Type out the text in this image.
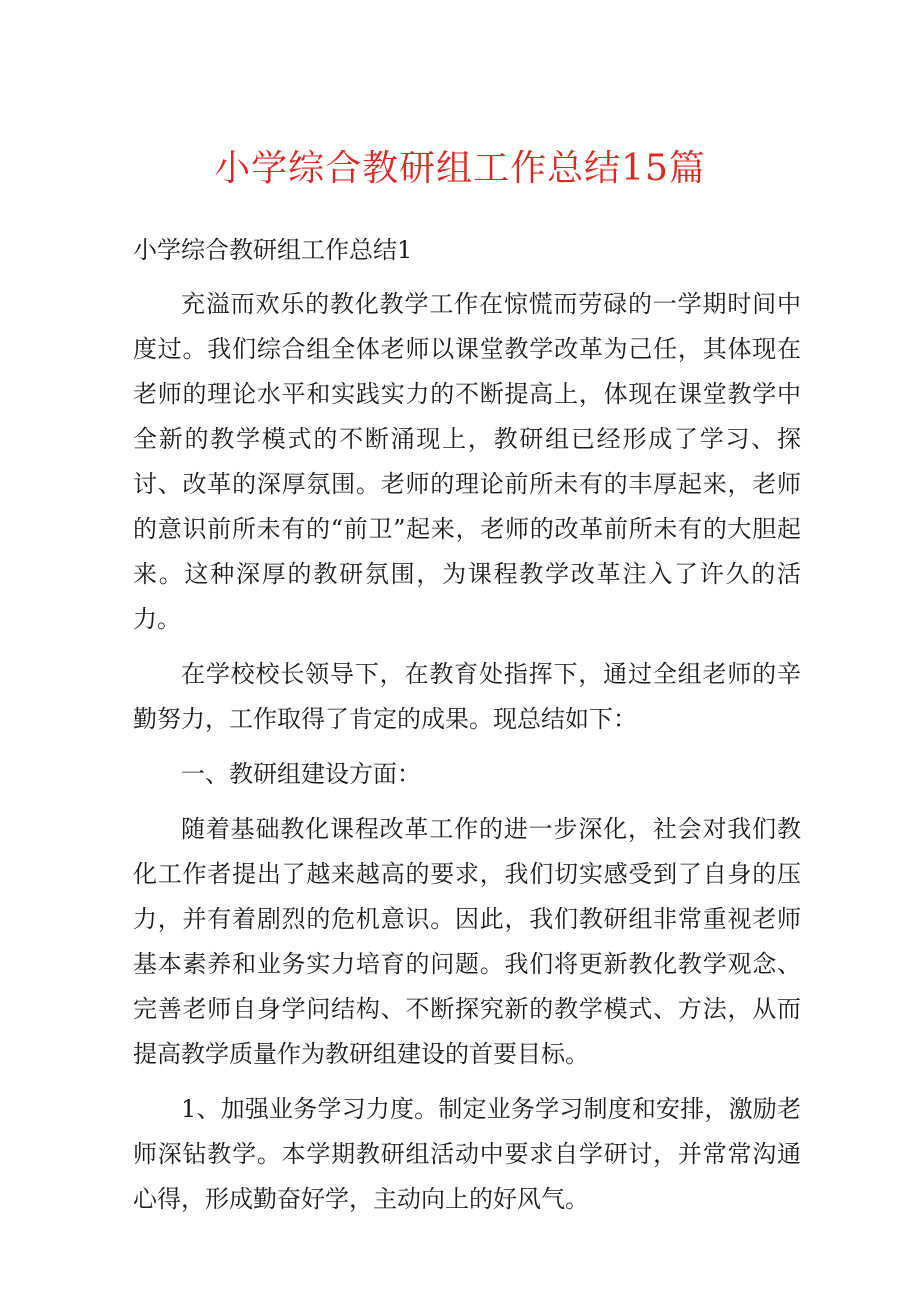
小学综合教研组工作总结15篇

小学综合教研组工作总结1

充溢而欢乐的教化教学工作在惊慌而劳碌的一学期时间中度过。我们综合组全体老师以课堂教学改革为己任，其体现在老师的理论水平和实践实力的不断提高上，体现在课堂教学中全新的教学模式的不断涌现上，教研组已经形成了学习、探讨、改革的深厚氛围。老师的理论前所未有的丰厚起来，老师的意识前所未有的“前卫”起来，老师的改革前所未有的大胆起来。这种深厚的教研氛围，为课程教学改革注入了许久的活力。

在学校校长领导下，在教育处指挥下，通过全组老师的辛勤努力，工作取得了肯定的成果。现总结如下：

一、教研组建设方面：

随着基础教化课程改革工作的进一步深化，社会对我们教化工作者提出了越来越高的要求，我们切实感受到了自身的压力，并有着剧烈的危机意识。因此，我们教研组非常重视老师基本素养和业务实力培育的问题。我们将更新教化教学观念、完善老师自身学问结构、不断探究新的教学模式、方法，从而提高教学质量作为教研组建设的首要目标。

1、加强业务学习力度。制定业务学习制度和安排，激励老师深钻教学。本学期教研组活动中要求自学研讨，并常常沟通心得，形成勤奋好学，主动向上的好风气。
